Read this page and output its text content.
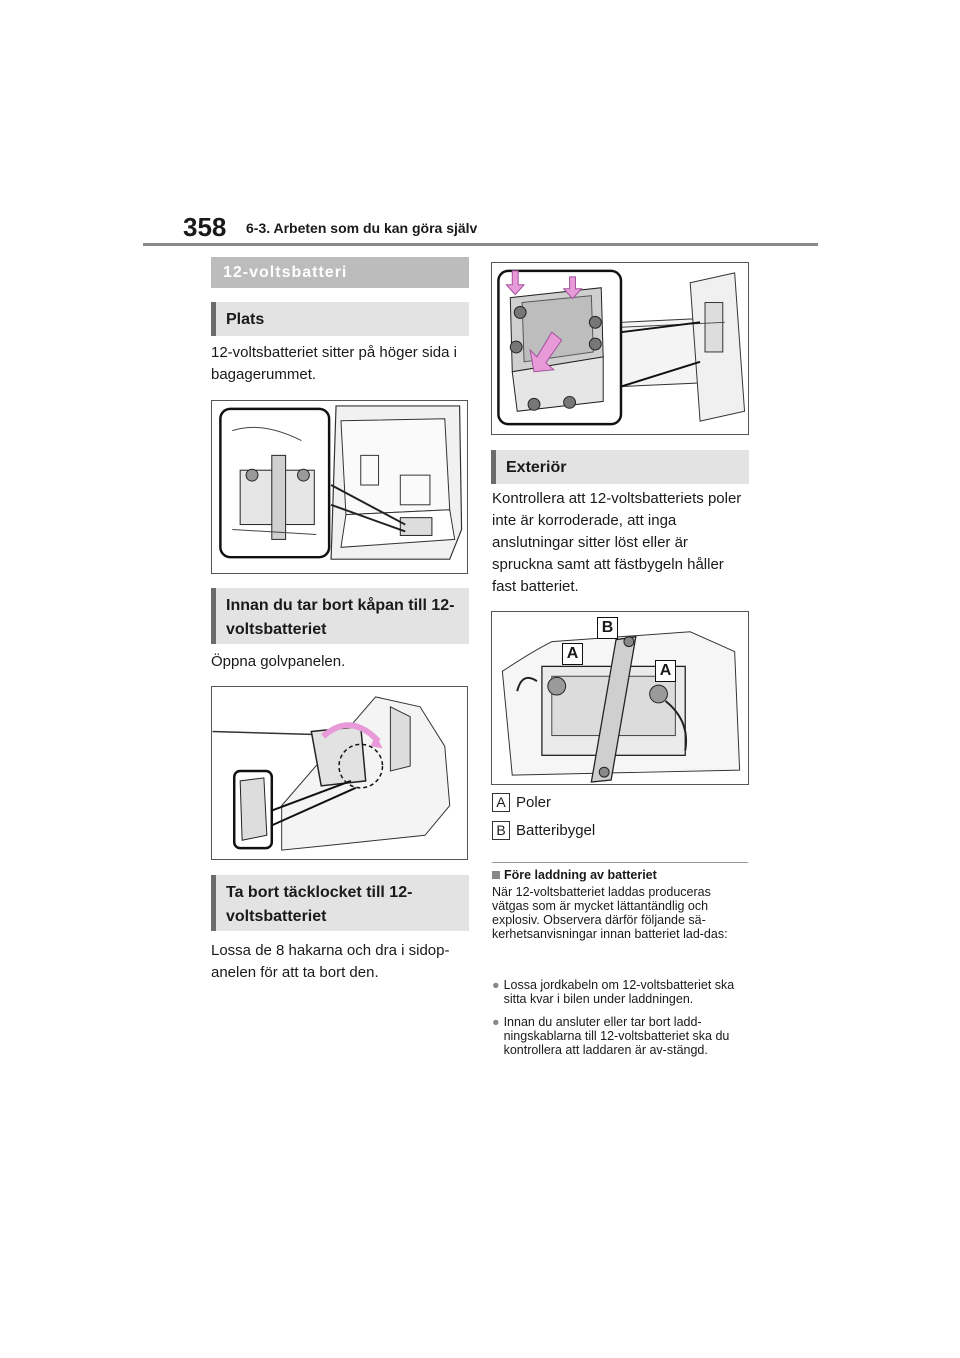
358 6-3. Arbeten som du kan göra själv
12-voltsbatteri
Plats
12-voltsbatteriet sitter på höger sida i bagagerummet.
Innan du tar bort kåpan till 12-voltsbatteriet
Öppna golvpanelen.
Ta bort täcklocket till 12-voltsbatteriet
Lossa de 8 hakarna och dra i sidop-anelen för att ta bort den.
Exteriör
Kontrollera att 12-voltsbatteriets poler inte är korroderade, att inga anslutningar sitter löst eller är spruckna samt att fästbygeln håller fast batteriet.
B
A
A
A Poler
B Batteribygel
Före laddning av batteriet
När 12-voltsbatteriet laddas produceras vätgas som är mycket lättantändlig och explosiv. Observera därför följande sä-kerhetsanvisningar innan batteriet lad-das:
● Lossa jordkabeln om 12-voltsbatteriet ska sitta kvar i bilen under laddningen.
● Innan du ansluter eller tar bort ladd-ningskablarna till 12-voltsbatteriet ska du kontrollera att laddaren är av-stängd.
